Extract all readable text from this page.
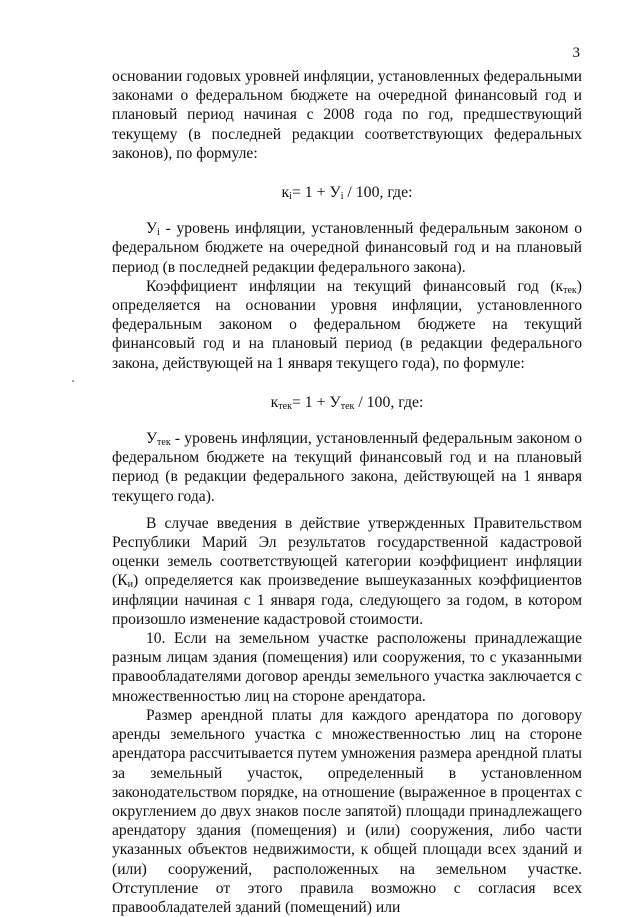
3

основании годовых уровней инфляции, установленных федеральными законами о федеральном бюджете на очередной финансовый год и плановый период начиная с 2008 года по год, предшествующий текущему (в последней редакции соответствующих федеральных законов), по формуле:

$к_i= 1 + У_i / 100$, где:

$У_i$ - уровень инфляции, установленный федеральным законом о федеральном бюджете на очередной финансовый год и на плановый период (в последней редакции федерального закона).

Коэффициент инфляции на текущий финансовый год $(к_{тек})$ определяется на основании уровня инфляции, установленного федеральным законом о федеральном бюджете на текущий финансовый год и на плановый период (в редакции федерального закона, действующей на 1 января текущего года), по формуле:

$к_{тек}= 1 + У_{тек} / 100$, где:

$У_{тек}$ - уровень инфляции, установленный федеральным законом о федеральном бюджете на текущий финансовый год и на плановый период (в редакции федерального закона, действующей на 1 января текущего года).

В случае введения в действие утвержденных Правительством Республики Марий Эл результатов государственной кадастровой оценки земель соответствующей категории коэффициент инфляции $(К_и)$ определяется как произведение вышеуказанных коэффициентов инфляции начиная с 1 января года, следующего за годом, в котором произошло изменение кадастровой стоимости.

10. Если на земельном участке расположены принадлежащие разным лицам здания (помещения) или сооружения, то с указанными правообладателями договор аренды земельного участка заключается с множественностью лиц на стороне арендатора.

Размер арендной платы для каждого арендатора по договору аренды земельного участка с множественностью лиц на стороне арендатора рассчитывается путем умножения размера арендной платы за земельный участок, определенный в установленном законодательством порядке, на отношение (выраженное в процентах с округлением до двух знаков после запятой) площади принадлежащего арендатору здания (помещения) и (или) сооружения, либо части указанных объектов недвижимости, к общей площади всех зданий и (или) сооружений, расположенных на земельном участке. Отступление от этого правила возможно с согласия всех правообладателей зданий (помещений) или
